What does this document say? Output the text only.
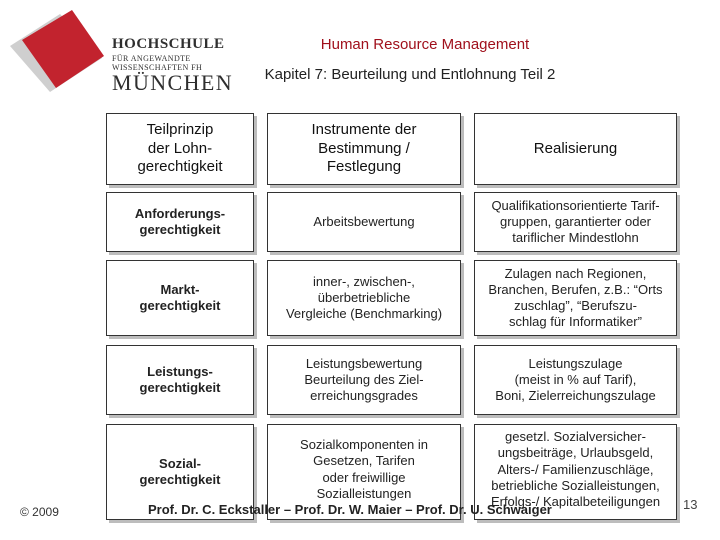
HOCHSCHULE
FÜR ANGEWANDTE
WISSENSCHAFTEN FH
MÜNCHEN
Human Resource Management
Kapitel 7: Beurteilung und Entlohnung Teil 2
Teilprinzip
der Lohn-
gerechtigkeit
Instrumente der
Bestimmung /
Festlegung
Realisierung
Anforderungs-
gerechtigkeit
Arbeitsbewertung
Qualifikationsorientierte Tarif-
gruppen, garantierter oder
tariflicher Mindestlohn
Markt-
gerechtigkeit
inner-, zwischen-,
überbetriebliche
Vergleiche (Benchmarking)
Zulagen nach Regionen,
Branchen, Berufen, z.B.: “Orts
zuschlag”, “Berufszu-
schlag für Informatiker”
Leistungs-
gerechtigkeit
Leistungsbewertung
Beurteilung des Ziel-
erreichungsgrades
Leistungszulage
(meist in % auf Tarif),
Boni, Zielerreichungszulage
Sozial-
gerechtigkeit
Sozialkomponenten in
Gesetzen, Tarifen
oder freiwillige
Sozialleistungen
gesetzl. Sozialversicher-
ungsbeiträge, Urlaubsgeld,
Alters-/ Familienzuschläge,
betriebliche Sozialleistungen,
Erfolgs-/ Kapitalbeteiligungen
© 2009	Prof. Dr. C. Eckstaller – Prof. Dr. W. Maier – Prof. Dr. U. Schwaiger	13
